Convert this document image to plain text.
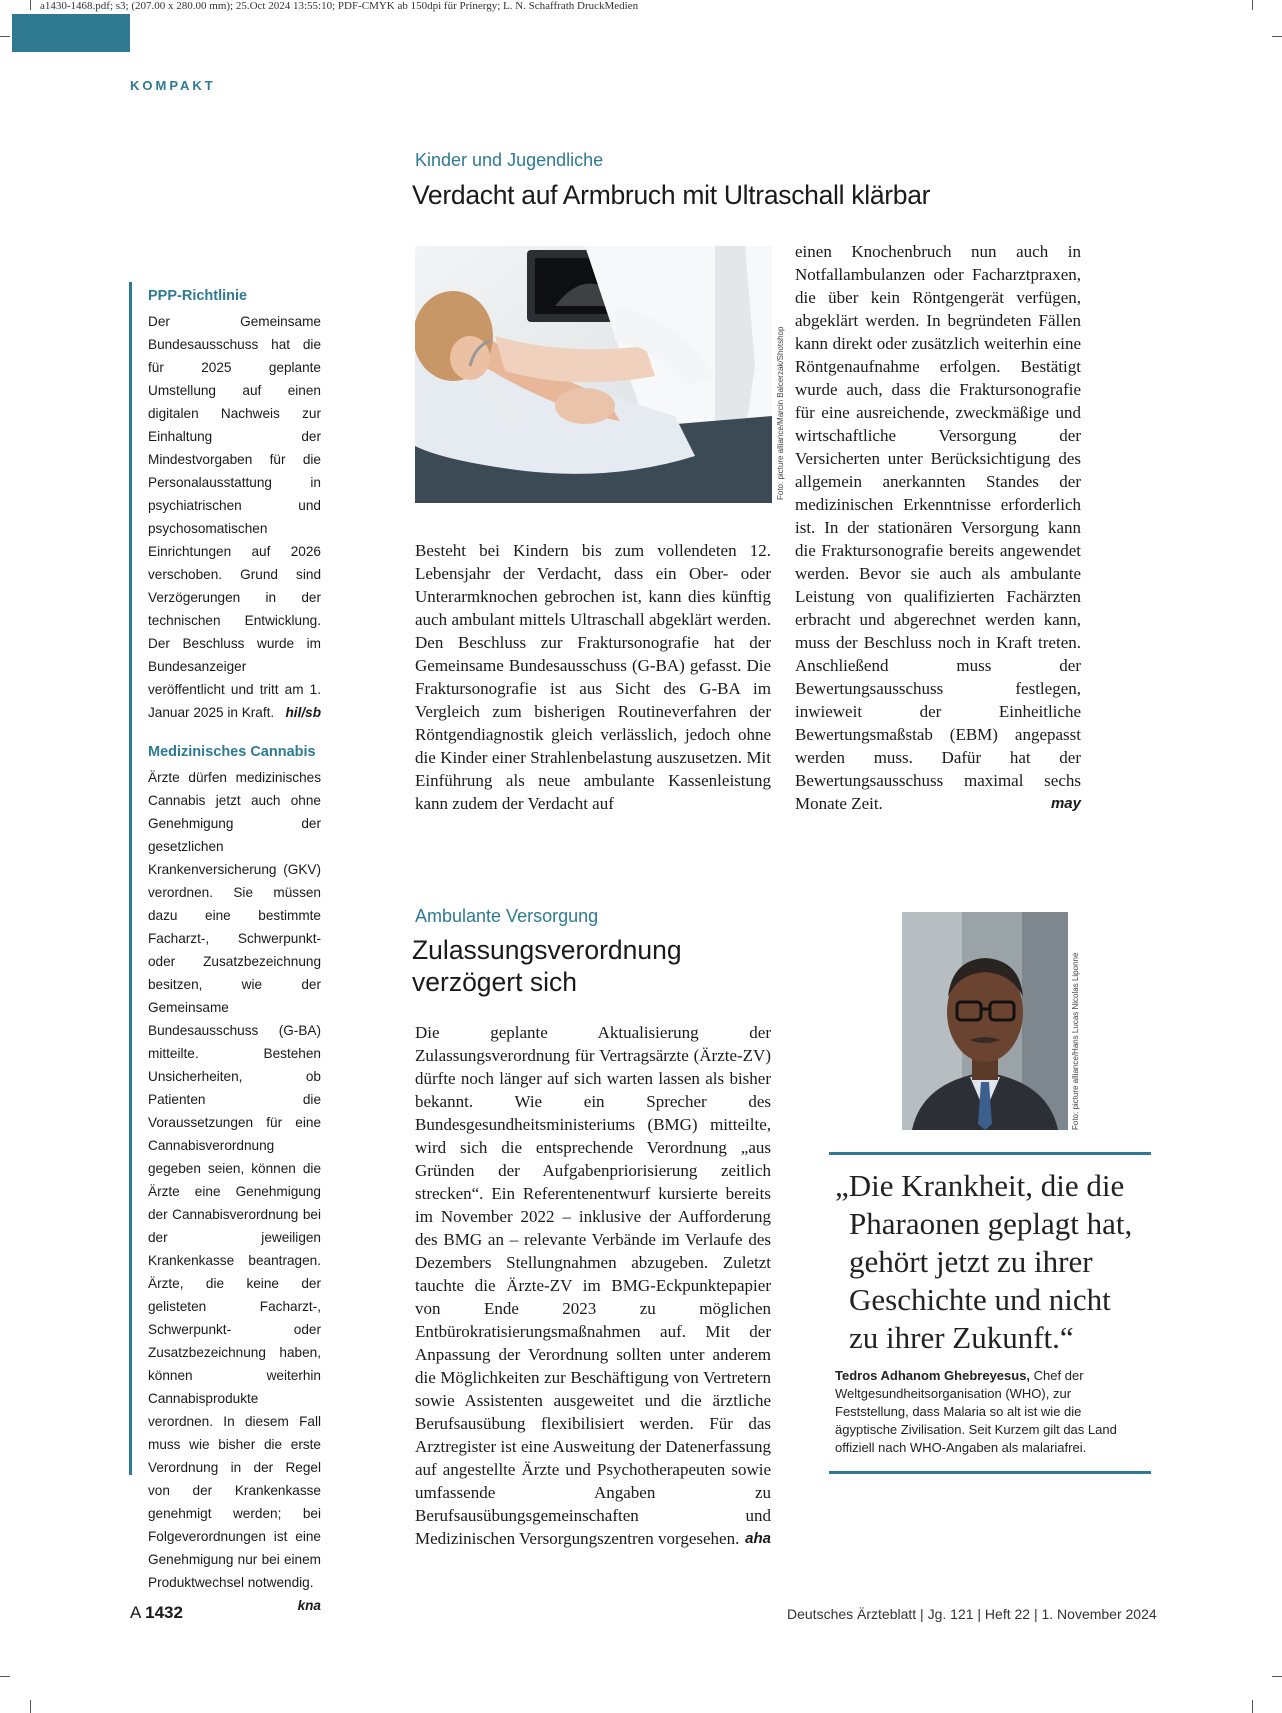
a1430-1468.pdf; s3; (207.00 x 280.00 mm); 25.Oct 2024 13:55:10; PDF-CMYK ab 150dpi für Prinergy; L. N. Schaffrath DruckMedien
KOMPAKT
PPP-Richtlinie

Der Gemeinsame Bundesausschuss hat die für 2025 geplante Umstellung auf einen digitalen Nachweis zur Einhaltung der Mindestvorgaben für die Personalausstattung in psychiatrischen und psychosomatischen Einrichtungen auf 2026 verschoben. Grund sind Verzögerungen in der technischen Entwicklung. Der Beschluss wurde im Bundesanzeiger veröffentlicht und tritt am 1. Januar 2025 in Kraft. hil/sb

Medizinisches Cannabis

Ärzte dürfen medizinisches Cannabis jetzt auch ohne Genehmigung der gesetzlichen Krankenversicherung (GKV) verordnen. Sie müssen dazu eine bestimmte Facharzt-, Schwerpunkt- oder Zusatzbezeichnung besitzen, wie der Gemeinsame Bundesausschuss (G-BA) mitteilte. Bestehen Unsicherheiten, ob Patienten die Voraussetzungen für eine Cannabisverordnung gegeben seien, können die Ärzte eine Genehmigung der Cannabisverordnung bei der jeweiligen Krankenkasse beantragen. Ärzte, die keine der gelisteten Facharzt-, Schwerpunkt- oder Zusatzbezeichnung haben, können weiterhin Cannabisprodukte verordnen. In diesem Fall muss wie bisher die erste Verordnung in der Regel von der Krankenkasse genehmigt werden; bei Folgeverordnungen ist eine Genehmigung nur bei einem Produktwechsel notwendig.
kna

Kinder und Jugendliche
Verdacht auf Armbruch mit Ultraschall klärbar
Foto: picture alliance/Marcin Balcerzak/Shotshop

Besteht bei Kindern bis zum vollendeten 12. Lebensjahr der Verdacht, dass ein Ober- oder Unterarmknochen gebrochen ist, kann dies künftig auch ambulant mittels Ultraschall abgeklärt werden. Den Beschluss zur Fraktursonografie hat der Gemeinsame Bundesausschuss (G-BA) gefasst. Die Fraktursonografie ist aus Sicht des G-BA im Vergleich zum bisherigen Routineverfahren der Röntgendiagnostik gleich verlässlich, jedoch ohne die Kinder einer Strahlenbelastung auszusetzen. Mit Einführung als neue ambulante Kassenleistung kann zudem der Verdacht auf

einen Knochenbruch nun auch in Notfallambulanzen oder Facharztpraxen, die über kein Röntgengerät verfügen, abgeklärt werden. In begründeten Fällen kann direkt oder zusätzlich weiterhin eine Röntgenaufnahme erfolgen. Bestätigt wurde auch, dass die Fraktursonografie für eine ausreichende, zweckmäßige und wirtschaftliche Versorgung der Versicherten unter Berücksichtigung des allgemein anerkannten Standes der medizinischen Erkenntnisse erforderlich ist. In der stationären Versorgung kann die Fraktursonografie bereits angewendet werden. Bevor sie auch als ambulante Leistung von qualifizierten Fachärzten erbracht und abgerechnet werden kann, muss der Beschluss noch in Kraft treten. Anschließend muss der Bewertungsausschuss festlegen, inwieweit der Einheitliche Bewertungsmaßstab (EBM) angepasst werden muss. Dafür hat der Bewertungsausschuss maximal sechs Monate Zeit.	may

Ambulante Versorgung
Zulassungsverordnung verzögert sich

Die geplante Aktualisierung der Zulassungsverordnung für Vertragsärzte (Ärzte-ZV) dürfte noch länger auf sich warten lassen als bisher bekannt. Wie ein Sprecher des Bundesgesundheitsministeriums (BMG) mitteilte, wird sich die entsprechende Verordnung „aus Gründen der Aufgabenpriorisierung zeitlich strecken“. Ein Referentenentwurf kursierte bereits im November 2022 – inklusive der Aufforderung des BMG an – relevante Verbände im Verlaufe des Dezembers Stellungnahmen abzugeben. Zuletzt tauchte die Ärzte-ZV im BMG-Eckpunktepapier von Ende 2023 zu möglichen Entbürokratisierungsmaßnahmen auf. Mit der Anpassung der Verordnung sollten unter anderem die Möglichkeiten zur Beschäftigung von Vertretern sowie Assistenten ausgeweitet und die ärztliche Berufsausübung flexibilisiert werden. Für das Arztregister ist eine Ausweitung der Datenerfassung auf angestellte Ärzte und Psychotherapeuten sowie umfassende Angaben zu Berufsausübungsgemeinschaften und Medizinischen Versorgungszentren vorgesehen. aha

Foto: picture alliance/Hans Lucas Nicolas Liponne

„Die Krankheit, die die Pharaonen geplagt hat, gehört jetzt zu ihrer Geschichte und nicht zu ihrer Zukunft.“

Tedros Adhanom Ghebreyesus, Chef der Weltgesundheitsorganisation (WHO), zur Feststellung, dass Malaria so alt ist wie die ägyptische Zivilisation. Seit Kurzem gilt das Land offiziell nach WHO-Angaben als malariafrei.

A 1432	Deutsches Ärzteblatt | Jg. 121 | Heft 22 | 1. November 2024
